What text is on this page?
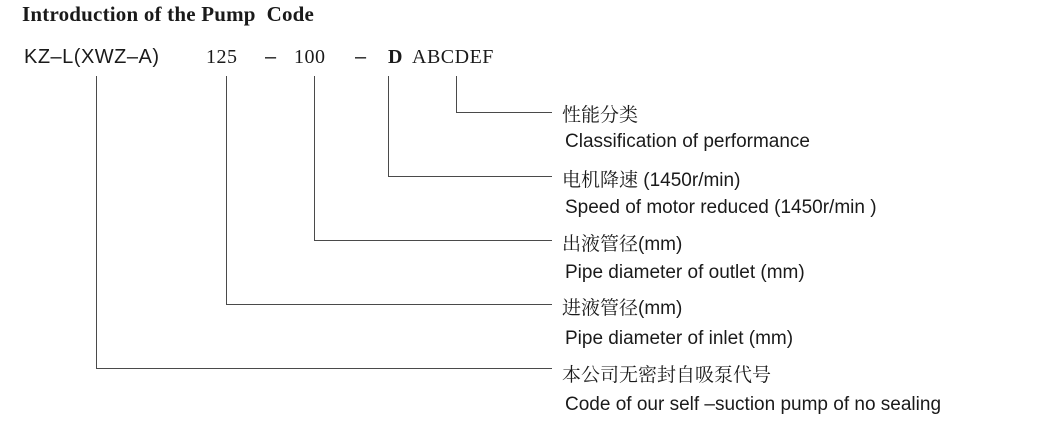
Introduction of the Pump  Code
KZ–L(XWZ–A) 125 – 100 – D ABCDEF
性能分类
Classification of performance
电机降速 (1450r/min)
Speed of motor reduced (1450r/min )
出液管径(mm)
Pipe diameter of outlet (mm)
进液管径(mm)
Pipe diameter of inlet (mm)
本公司无密封自吸泵代号
Code of our self –suction pump of no sealing
